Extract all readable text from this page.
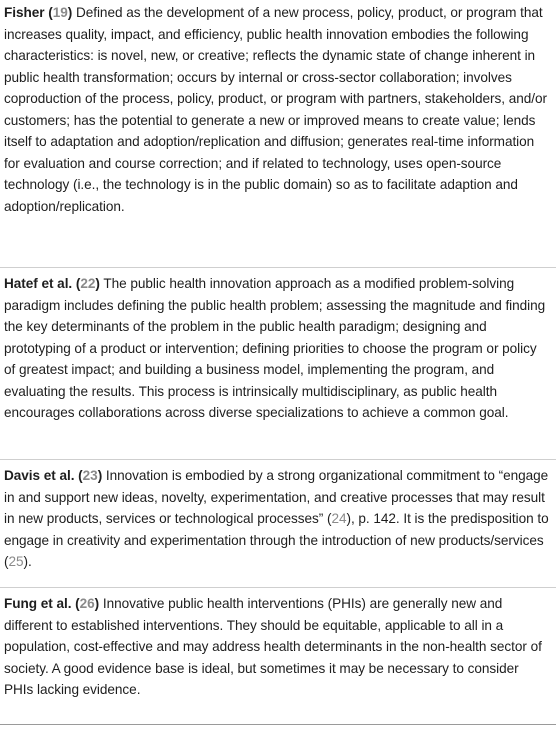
Fisher (19) Defined as the development of a new process, policy, product, or program that increases quality, impact, and efficiency, public health innovation embodies the following characteristics: is novel, new, or creative; reflects the dynamic state of change inherent in public health transformation; occurs by internal or cross-sector collaboration; involves coproduction of the process, policy, product, or program with partners, stakeholders, and/or customers; has the potential to generate a new or improved means to create value; lends itself to adaptation and adoption/replication and diffusion; generates real-time information for evaluation and course correction; and if related to technology, uses open-source technology (i.e., the technology is in the public domain) so as to facilitate adaption and adoption/replication.
Hatef et al. (22) The public health innovation approach as a modified problem-solving paradigm includes defining the public health problem; assessing the magnitude and finding the key determinants of the problem in the public health paradigm; designing and prototyping of a product or intervention; defining priorities to choose the program or policy of greatest impact; and building a business model, implementing the program, and evaluating the results. This process is intrinsically multidisciplinary, as public health encourages collaborations across diverse specializations to achieve a common goal.
Davis et al. (23) Innovation is embodied by a strong organizational commitment to “engage in and support new ideas, novelty, experimentation, and creative processes that may result in new products, services or technological processes” (24), p. 142. It is the predisposition to engage in creativity and experimentation through the introduction of new products/services (25).
Fung et al. (26) Innovative public health interventions (PHIs) are generally new and different to established interventions. They should be equitable, applicable to all in a population, cost-effective and may address health determinants in the non-health sector of society. A good evidence base is ideal, but sometimes it may be necessary to consider PHIs lacking evidence.
